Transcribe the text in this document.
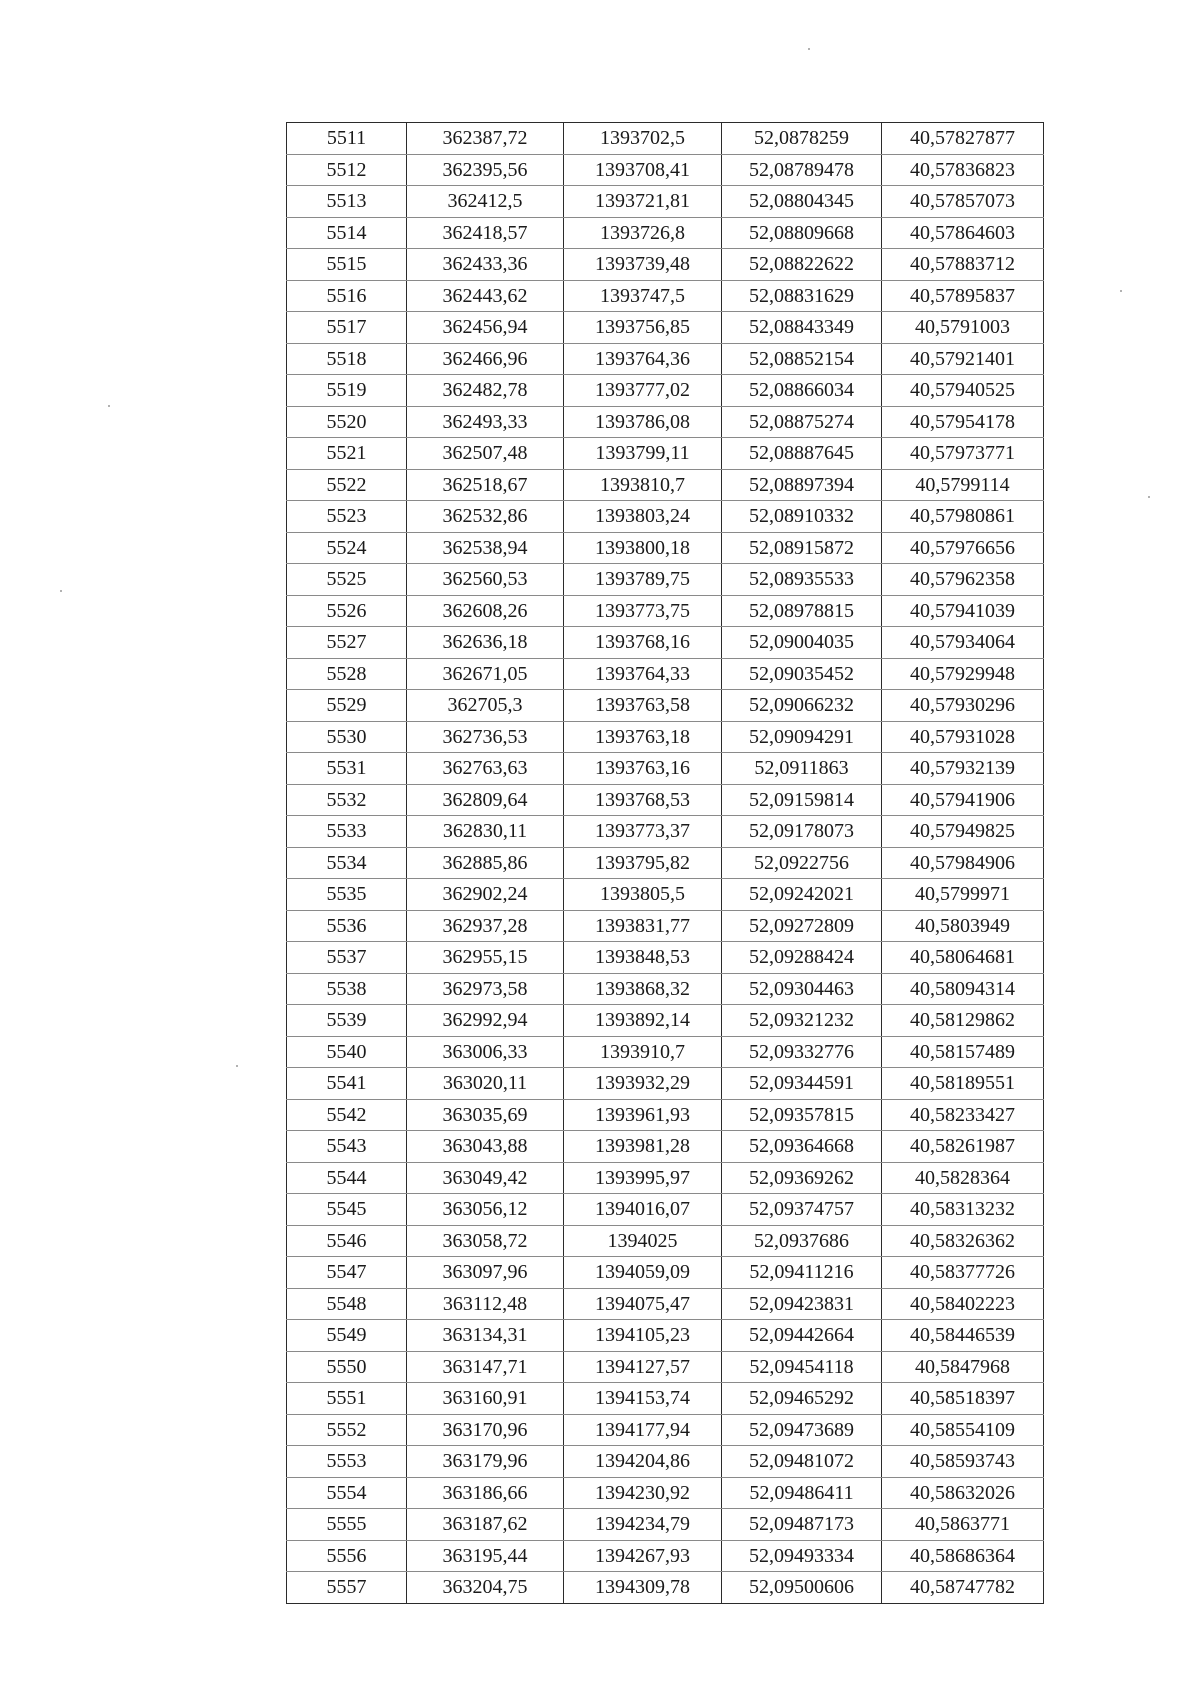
5511	362387,72	1393702,5	52,0878259	40,57827877
5512	362395,56	1393708,41	52,08789478	40,57836823
5513	362412,5	1393721,81	52,08804345	40,57857073
5514	362418,57	1393726,8	52,08809668	40,57864603
5515	362433,36	1393739,48	52,08822622	40,57883712
5516	362443,62	1393747,5	52,08831629	40,57895837
5517	362456,94	1393756,85	52,08843349	40,5791003
5518	362466,96	1393764,36	52,08852154	40,57921401
5519	362482,78	1393777,02	52,08866034	40,57940525
5520	362493,33	1393786,08	52,08875274	40,57954178
5521	362507,48	1393799,11	52,08887645	40,57973771
5522	362518,67	1393810,7	52,08897394	40,5799114
5523	362532,86	1393803,24	52,08910332	40,57980861
5524	362538,94	1393800,18	52,08915872	40,57976656
5525	362560,53	1393789,75	52,08935533	40,57962358
5526	362608,26	1393773,75	52,08978815	40,57941039
5527	362636,18	1393768,16	52,09004035	40,57934064
5528	362671,05	1393764,33	52,09035452	40,57929948
5529	362705,3	1393763,58	52,09066232	40,57930296
5530	362736,53	1393763,18	52,09094291	40,57931028
5531	362763,63	1393763,16	52,0911863	40,57932139
5532	362809,64	1393768,53	52,09159814	40,57941906
5533	362830,11	1393773,37	52,09178073	40,57949825
5534	362885,86	1393795,82	52,0922756	40,57984906
5535	362902,24	1393805,5	52,09242021	40,5799971
5536	362937,28	1393831,77	52,09272809	40,5803949
5537	362955,15	1393848,53	52,09288424	40,58064681
5538	362973,58	1393868,32	52,09304463	40,58094314
5539	362992,94	1393892,14	52,09321232	40,58129862
5540	363006,33	1393910,7	52,09332776	40,58157489
5541	363020,11	1393932,29	52,09344591	40,58189551
5542	363035,69	1393961,93	52,09357815	40,58233427
5543	363043,88	1393981,28	52,09364668	40,58261987
5544	363049,42	1393995,97	52,09369262	40,5828364
5545	363056,12	1394016,07	52,09374757	40,58313232
5546	363058,72	1394025	52,0937686	40,58326362
5547	363097,96	1394059,09	52,09411216	40,58377726
5548	363112,48	1394075,47	52,09423831	40,58402223
5549	363134,31	1394105,23	52,09442664	40,58446539
5550	363147,71	1394127,57	52,09454118	40,5847968
5551	363160,91	1394153,74	52,09465292	40,58518397
5552	363170,96	1394177,94	52,09473689	40,58554109
5553	363179,96	1394204,86	52,09481072	40,58593743
5554	363186,66	1394230,92	52,09486411	40,58632026
5555	363187,62	1394234,79	52,09487173	40,5863771
5556	363195,44	1394267,93	52,09493334	40,58686364
5557	363204,75	1394309,78	52,09500606	40,58747782
